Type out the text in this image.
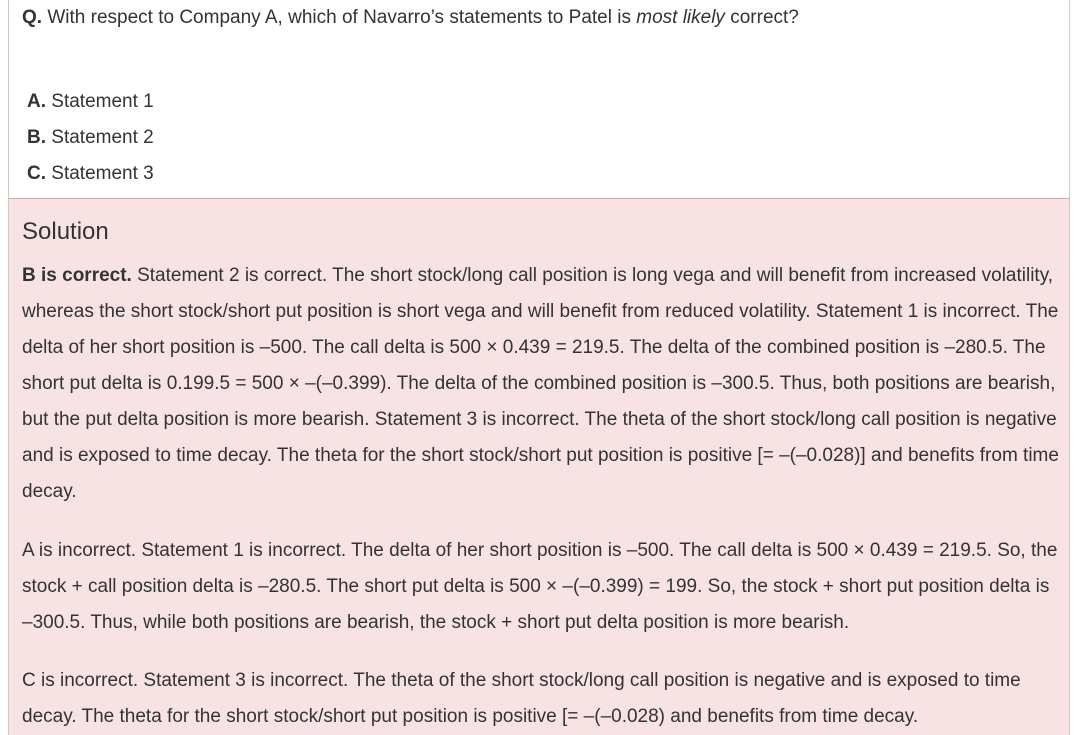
Q. With respect to Company A, which of Navarro’s statements to Patel is most likely correct?
A. Statement 1
B. Statement 2
C. Statement 3
Solution

B is correct. Statement 2 is correct. The short stock/long call position is long vega and will benefit from increased volatility, whereas the short stock/short put position is short vega and will benefit from reduced volatility. Statement 1 is incorrect. The delta of her short position is –500. The call delta is 500 × 0.439 = 219.5. The delta of the combined position is –280.5. The short put delta is 0.199.5 = 500 × –(–0.399). The delta of the combined position is –300.5. Thus, both positions are bearish, but the put delta position is more bearish. Statement 3 is incorrect. The theta of the short stock/long call position is negative and is exposed to time decay. The theta for the short stock/short put position is positive [= –(–0.028)] and benefits from time decay.

A is incorrect. Statement 1 is incorrect. The delta of her short position is –500. The call delta is 500 × 0.439 = 219.5. So, the stock + call position delta is –280.5. The short put delta is 500 × –(–0.399) = 199. So, the stock + short put position delta is –300.5. Thus, while both positions are bearish, the stock + short put delta position is more bearish.

C is incorrect. Statement 3 is incorrect. The theta of the short stock/long call position is negative and is exposed to time decay. The theta for the short stock/short put position is positive [= –(–0.028) and benefits from time decay.
